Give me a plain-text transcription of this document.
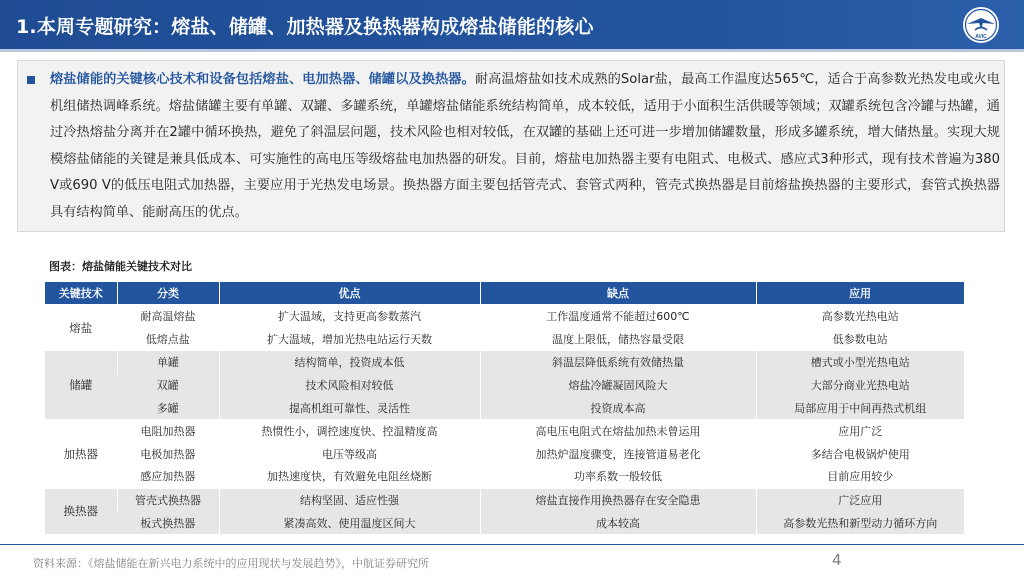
1.本周专题研究：熔盐、储罐、加热器及换热器构成熔盐储能的核心	AVIC
熔盐储能的关键核心技术和设备包括熔盐、电加热器、储罐以及换热器。耐高温熔盐如技术成熟的Solar盐，最高工作温度达565℃，适合于高参数光热发电或火电机组储热调峰系统。熔盐储罐主要有单罐、双罐、多罐系统，单罐熔盐储能系统结构简单，成本较低，适用于小面积生活供暖等领域；双罐系统包含冷罐与热罐，通过冷热熔盐分离并在2罐中循环换热，避免了斜温层问题，技术风险也相对较低，在双罐的基础上还可进一步增加储罐数量，形成多罐系统，增大储热量。实现大规模熔盐储能的关键是兼具低成本、可实施性的高电压等级熔盐电加热器的研发。目前，熔盐电加热器主要有电阻式、电极式、感应式3种形式，现有技术普遍为380 V或690 V的低压电阻式加热器，主要应用于光热发电场景。换热器方面主要包括管壳式、套管式两种，管壳式换热器是目前熔盐换热器的主要形式，套管式换热器具有结构简单、能耐高压的优点。
图表：熔盐储能关键技术对比
关键技术	分类	优点	缺点	应用
熔盐	耐高温熔盐	扩大温域，支持更高参数蒸汽	工作温度通常不能超过600℃	高参数光热电站
	低熔点盐	扩大温域，增加光热电站运行天数	温度上限低，储热容量受限	低参数电站
储罐	单罐	结构简单，投资成本低	斜温层降低系统有效储热量	槽式或小型光热电站
	双罐	技术风险相对较低	熔盐冷罐凝固风险大	大部分商业光热电站
	多罐	提高机组可靠性、灵活性	投资成本高	局部应用于中间再热式机组
加热器	电阻加热器	热惯性小，调控速度快、控温精度高	高电压电阻式在熔盐加热未曾运用	应用广泛
	电极加热器	电压等级高	加热炉温度骤变，连接管道易老化	多结合电极锅炉使用
	感应加热器	加热速度快，有效避免电阻丝烧断	功率系数一般较低	目前应用较少
换热器	管壳式换热器	结构坚固、适应性强	熔盐直接作用换热器存在安全隐患	广泛应用
	板式换热器	紧凑高效、使用温度区间大	成本较高	高参数光热和新型动力循环方向
资料来源：《熔盐储能在新兴电力系统中的应用现状与发展趋势》，中航证券研究所	4
